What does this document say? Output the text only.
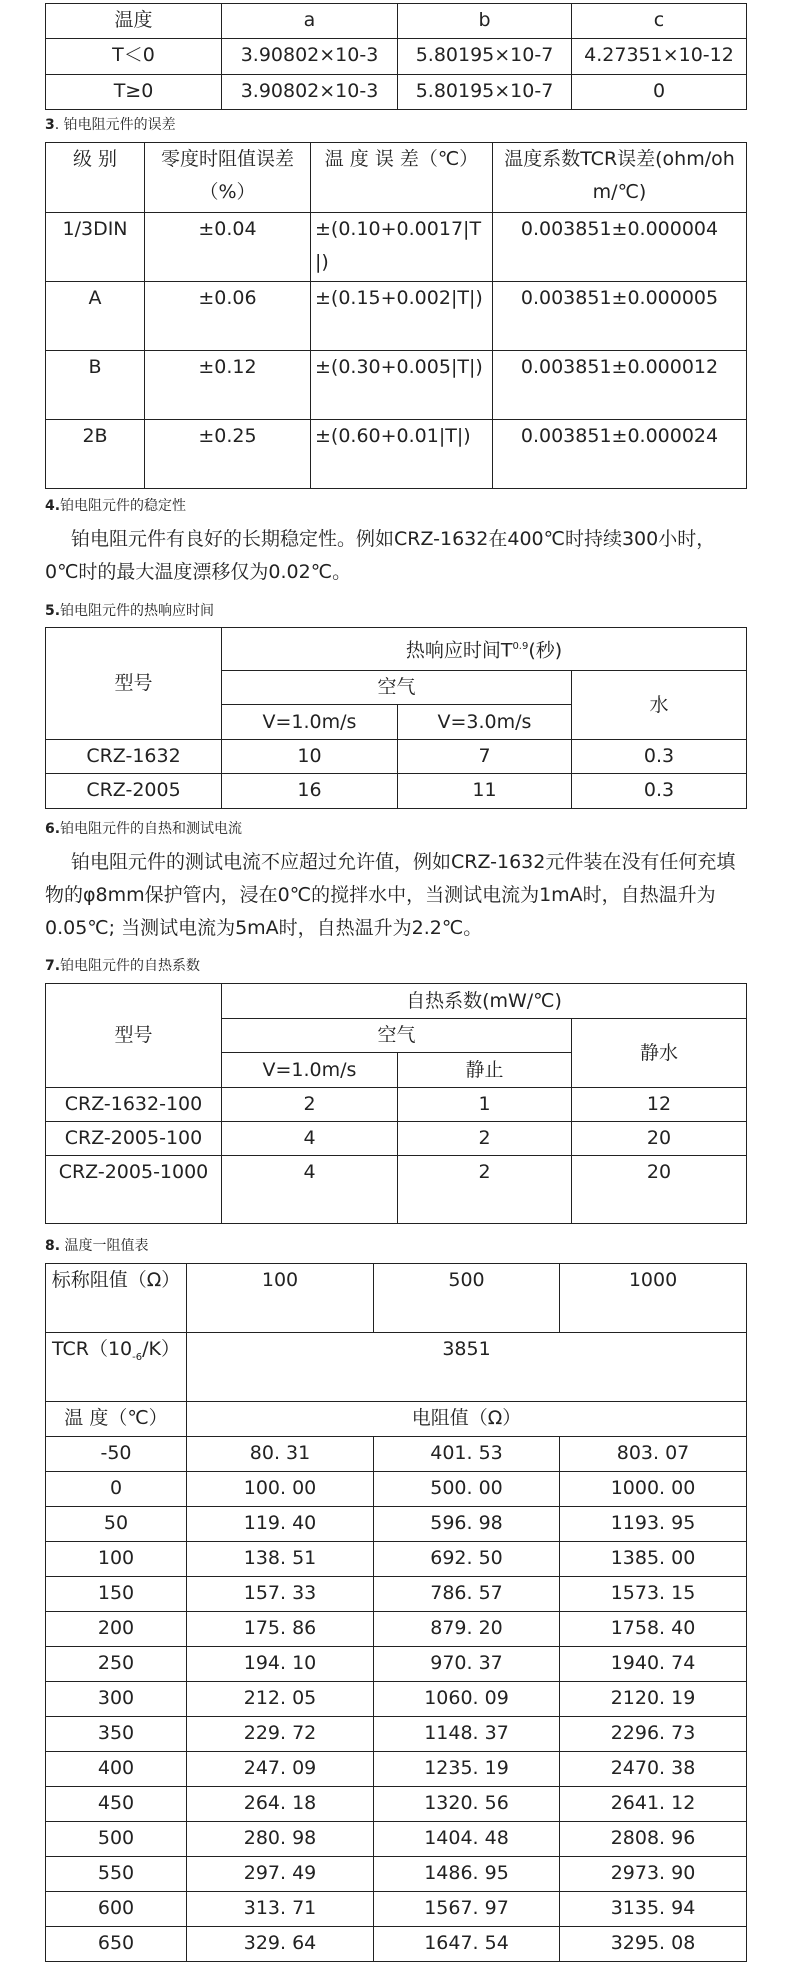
温度	a	b	c
T＜0	3.90802×10-3	5.80195×10-7	4.27351×10-12
T≥0	3.90802×10-3	5.80195×10-7	0
3. 铂电阻元件的误差
级 别	零度时阻值误差（%）	温 度 误 差（℃）	温度系数TCR误差(ohm/ohm/℃)
1/3DIN	±0.04	±(0.10+0.0017|T|)	0.003851±0.000004
A	±0.06	±(0.15+0.002|T|)	0.003851±0.000005
B	±0.12	±(0.30+0.005|T|)	0.003851±0.000012
2B	±0.25	±(0.60+0.01|T|)	0.003851±0.000024
4.铂电阻元件的稳定性
铂电阻元件有良好的长期稳定性。例如CRZ-1632在400℃时持续300小时，0℃时的最大温度漂移仅为0.02℃。
5.铂电阻元件的热响应时间
型号	热响应时间$T^{0.9}$(秒)		
	空气		水
	V=1.0m/s	V=3.0m/s	
CRZ-1632	10	7	0.3
CRZ-2005	16	11	0.3
6.铂电阻元件的自热和测试电流
铂电阻元件的测试电流不应超过允许值，例如CRZ-1632元件装在没有任何充填物的φ8mm保护管内，浸在0℃的搅拌水中，当测试电流为1mA时，自热温升为0.05℃; 当测试电流为5mA时，自热温升为2.2℃。
7.铂电阻元件的自热系数
型号	自热系数(mW/℃)		
	空气		静水
	V=1.0m/s	静止	
CRZ-1632-100	2	1	12
CRZ-2005-100	4	2	20
CRZ-2005-1000	4	2	20
8. 温度一阻值表
标称阻值（Ω）	100	500	1000
$TCR(10_{-6}/K)$	3851		
温 度（℃）	电阻值（Ω）		
-50	80. 31	401. 53	803. 07
0	100. 00	500. 00	1000. 00
50	119. 40	596. 98	1193. 95
100	138. 51	692. 50	1385. 00
150	157. 33	786. 57	1573. 15
200	175. 86	879. 20	1758. 40
250	194. 10	970. 37	1940. 74
300	212. 05	1060. 09	2120. 19
350	229. 72	1148. 37	2296. 73
400	247. 09	1235. 19	2470. 38
450	264. 18	1320. 56	2641. 12
500	280. 98	1404. 48	2808. 96
550	297. 49	1486. 95	2973. 90
600	313. 71	1567. 97	3135. 94
650	329. 64	1647. 54	3295. 08
